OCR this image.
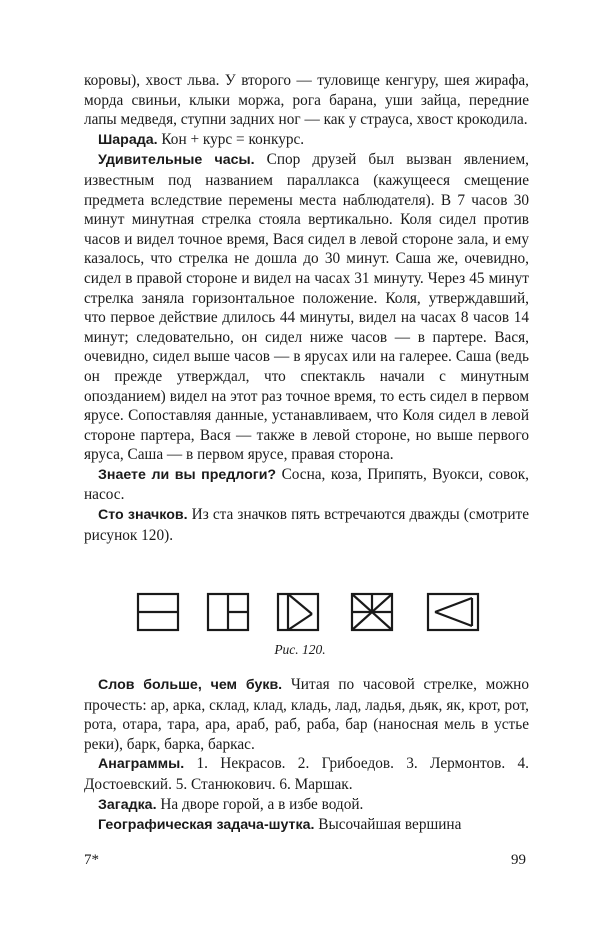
коровы), хвост льва. У второго — туловище кенгуру, шея жирафа, морда свиньи, клыки моржа, рога барана, уши зайца, передние лапы медведя, ступни задних ног — как у страуса, хвост крокодила.

Шарада. Кон + курс = конкурс.

Удивительные часы. Спор друзей был вызван явлением, известным под названием параллакса (кажущееся смещение предмета вследствие перемены места наблюдателя). В 7 часов 30 минут минутная стрелка стояла вертикально. Коля сидел против часов и видел точное время, Вася сидел в левой стороне зала, и ему казалось, что стрелка не дошла до 30 минут. Саша же, очевидно, сидел в правой стороне и видел на часах 31 минуту. Через 45 минут стрелка заняла горизонтальное положение. Коля, утверждавший, что первое действие длилось 44 минуты, видел на часах 8 часов 14 минут; следовательно, он сидел ниже часов — в партере. Вася, очевидно, сидел выше часов — в ярусах или на галерее. Саша (ведь он прежде утверждал, что спектакль начали с минутным опозданием) видел на этот раз точное время, то есть сидел в первом ярусе. Сопоставляя данные, устанавливаем, что Коля сидел в левой стороне партера, Вася — также в левой стороне, но выше первого яруса, Саша — в первом ярусе, правая сторона.

Знаете ли вы предлоги? Сосна, коза, Припять, Вуокси, совок, насос.

Сто значков. Из ста значков пять встречаются дважды (смотрите рисунок 120).

Рис. 120.

Слов больше, чем букв. Читая по часовой стрелке, можно прочесть: ар, арка, склад, клад, кладь, лад, ладья, дьяк, як, крот, рот, рота, отара, тара, ара, араб, раб, раба, бар (наносная мель в устье реки), барк, барка, баркас.

Анаграммы. 1. Некрасов. 2. Грибоедов. 3. Лермонтов. 4. Достоевский. 5. Станюкович. 6. Маршак.

Загадка. На дворе горой, а в избе водой.

Географическая задача-шутка. Высочайшая вершина

7*	99
